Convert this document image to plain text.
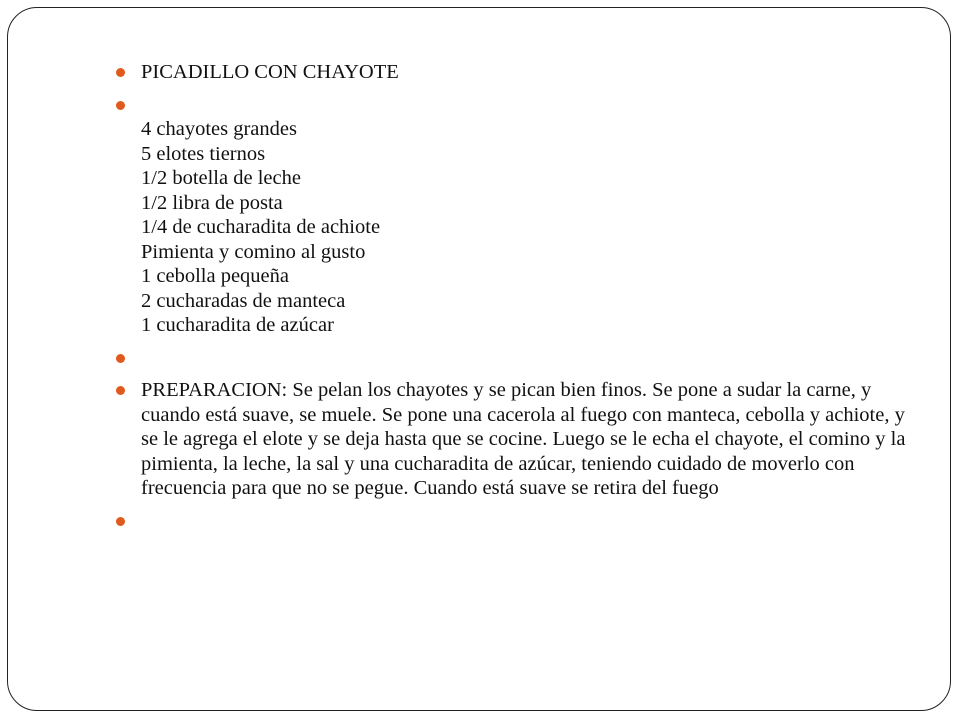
PICADILLO CON CHAYOTE
4 chayotes grandes
5 elotes tiernos
1/2 botella de leche
1/2 libra de posta
1/4 de cucharadita de achiote
Pimienta y comino al gusto
1 cebolla pequeña
2 cucharadas de manteca
1 cucharadita de azúcar
PREPARACION: Se pelan los chayotes y se pican bien finos. Se pone a sudar la carne, y cuando está suave, se muele. Se pone una cacerola al fuego con manteca, cebolla y achiote, y se le agrega el elote y se deja hasta que se cocine. Luego se le echa el chayote, el comino y la pimienta, la leche, la sal y una cucharadita de azúcar, teniendo cuidado de moverlo con frecuencia para que no se pegue. Cuando está suave se retira del fuego
